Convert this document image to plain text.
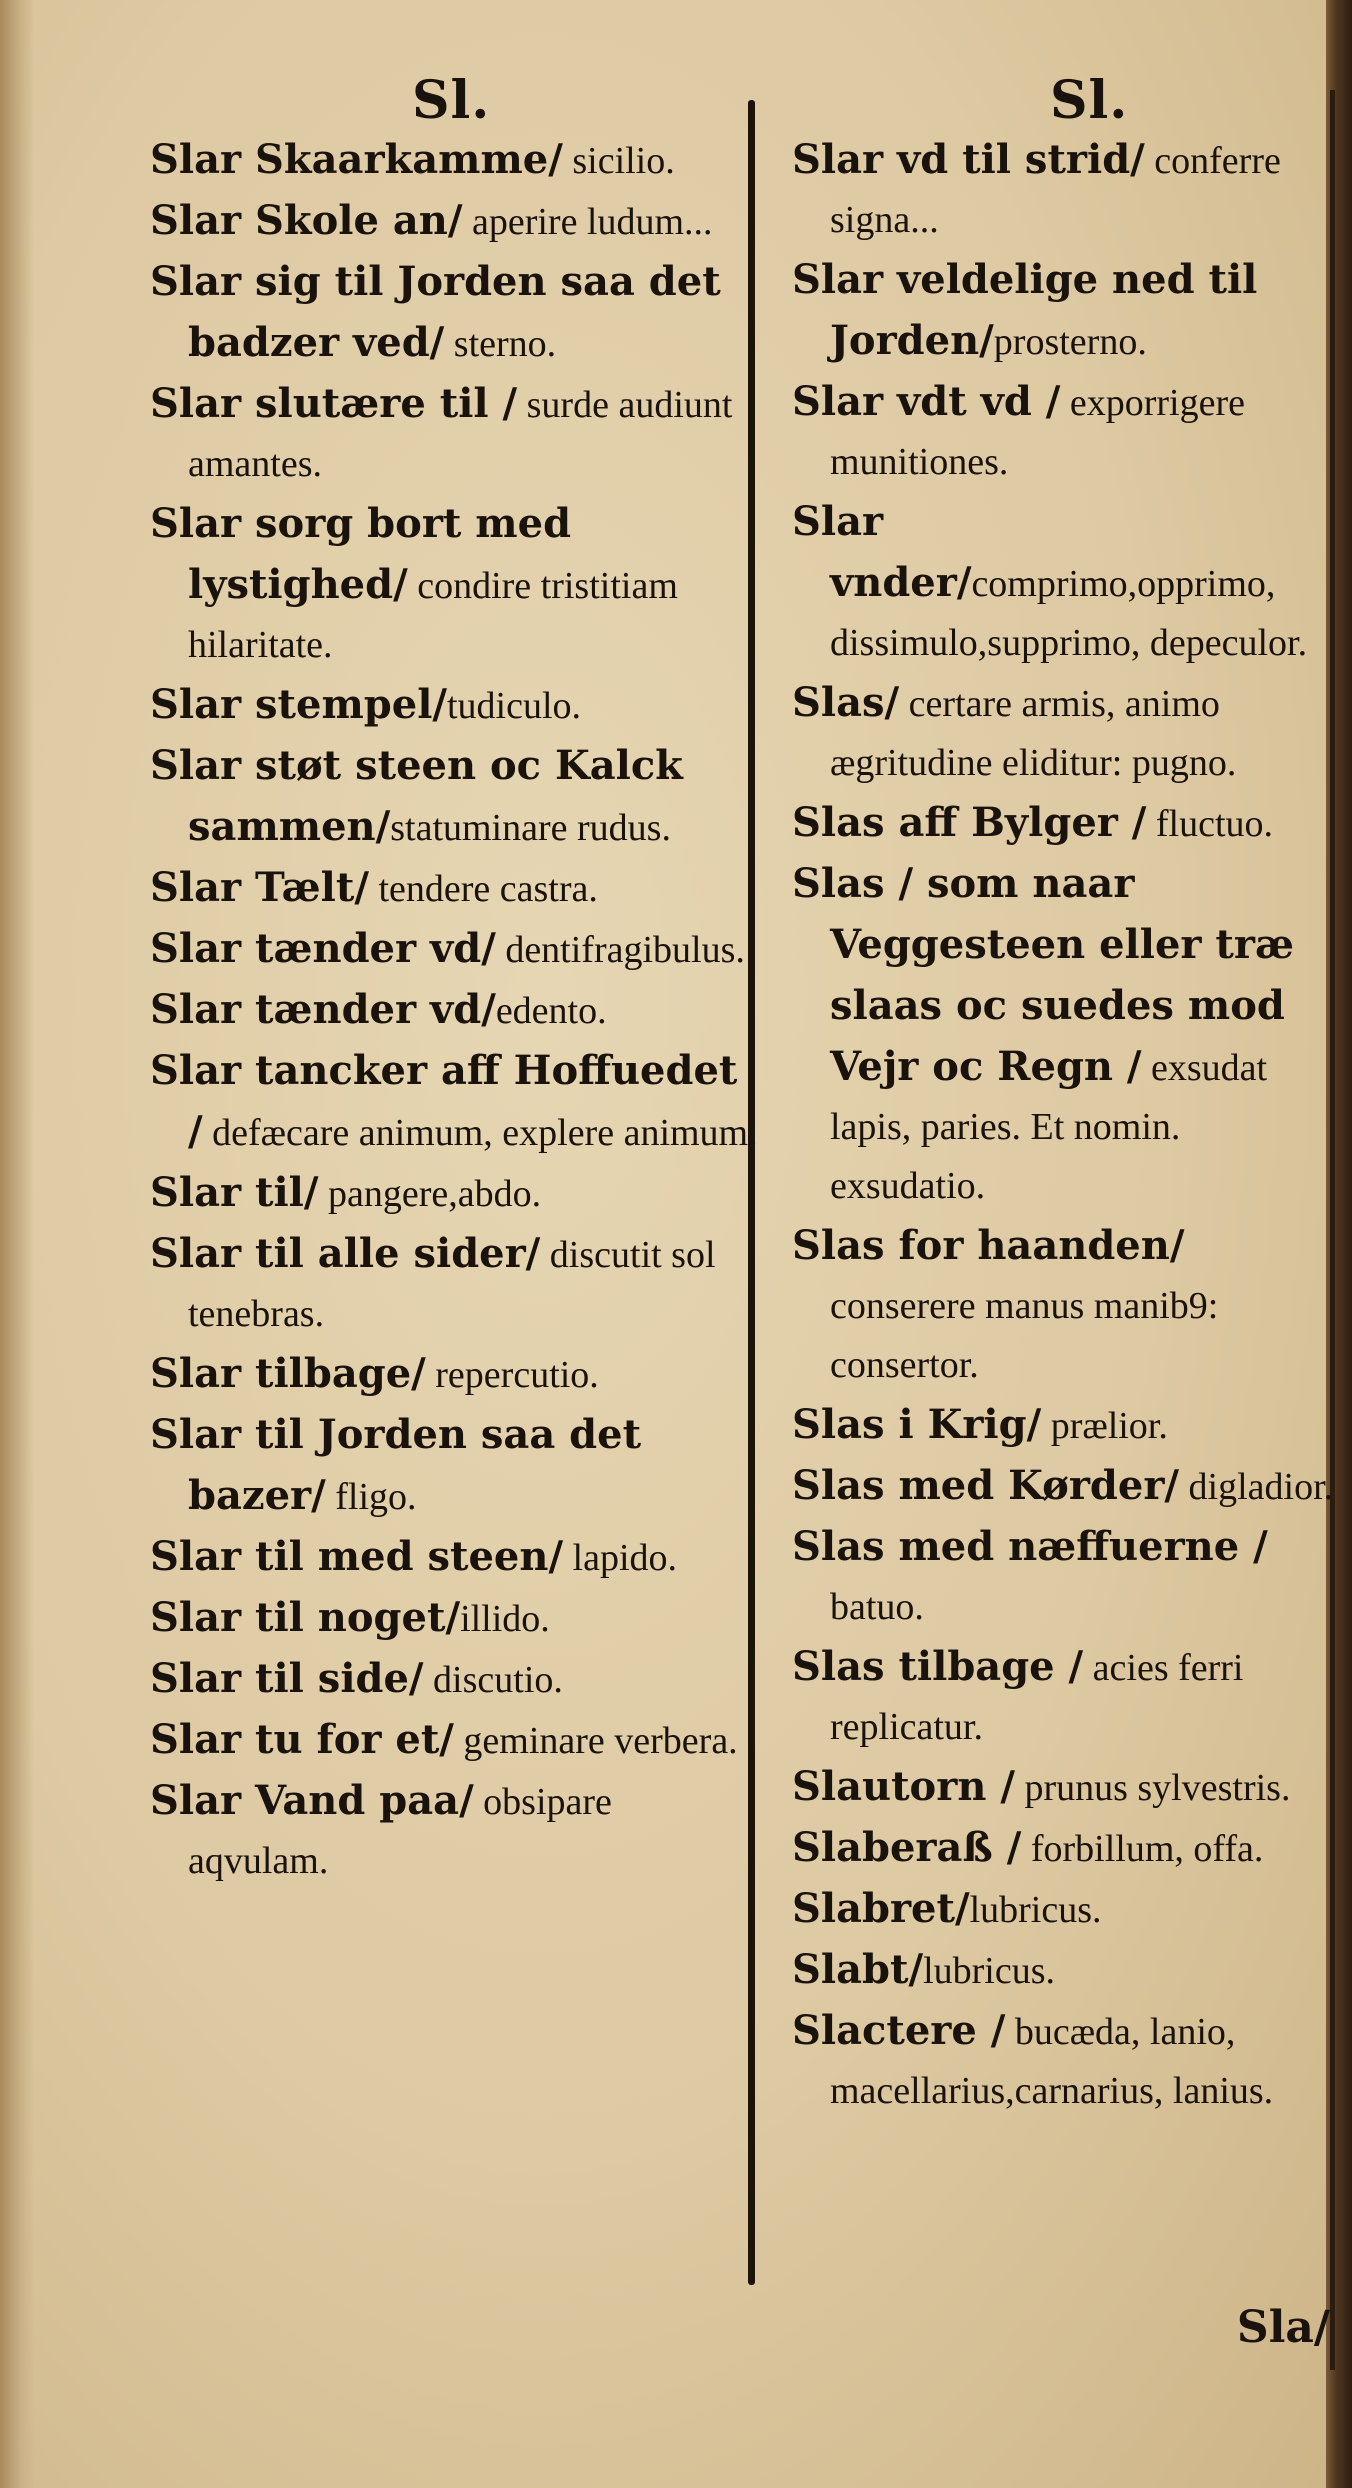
Sl.	Sl.

Slar Skaarkamme/ sicilio.

Slar Skole an/ aperire ludum...

Slar sig til Jorden saa det badzer ved/ sterno.

Slar slutære til / surde audiunt amantes.

Slar sorg bort med lystighed/ condire tristitiam hilaritate.

Slar stempel/tudiculo.

Slar støt steen oc Kalck sammen/statuminare rudus.

Slar Tælt/ tendere castra.

Slar tænder vd/ dentifragibulus.

Slar tænder vd/edento.

Slar tancker aff Hoffuedet / defæcare animum, explere animum.

Slar til/ pangere,abdo.

Slar til alle sider/ discutit sol tenebras.

Slar tilbage/ repercutio.

Slar til Jorden saa det bazer/ fligo.

Slar til med steen/ lapido.

Slar til noget/illido.

Slar til side/ discutio.

Slar tu for et/ geminare verbera.

Slar Vand paa/ obsipare aqvulam.

Slar vd til strid/ conferre signa...

Slar veldelige ned til Jorden/prosterno.

Slar vdt vd / exporrigere munitiones.

Slar vnder/comprimo,opprimo, dissimulo,supprimo, depeculor.

Slas/ certare armis, animo ægritudine eliditur: pugno.

Slas aff Bylger / fluctuo.

Slas / som naar Veggesteen eller træ slaas oc suedes mod Vejr oc Regn / exsudat lapis, paries. Et nomin. exsudatio.

Slas for haanden/ conserere manus manib9: consertor.

Slas i Krig/ prælior.

Slas med Kørder/ digladior.

Slas med næffuerne / batuo.

Slas tilbage / acies ferri replicatur.

Slautorn / prunus sylvestris.

Slaberaß / forbillum, offa.

Slabret/lubricus.

Slabt/lubricus.

Slactere / bucæda, lanio, macellarius,carnarius, lanius.

Sla/
